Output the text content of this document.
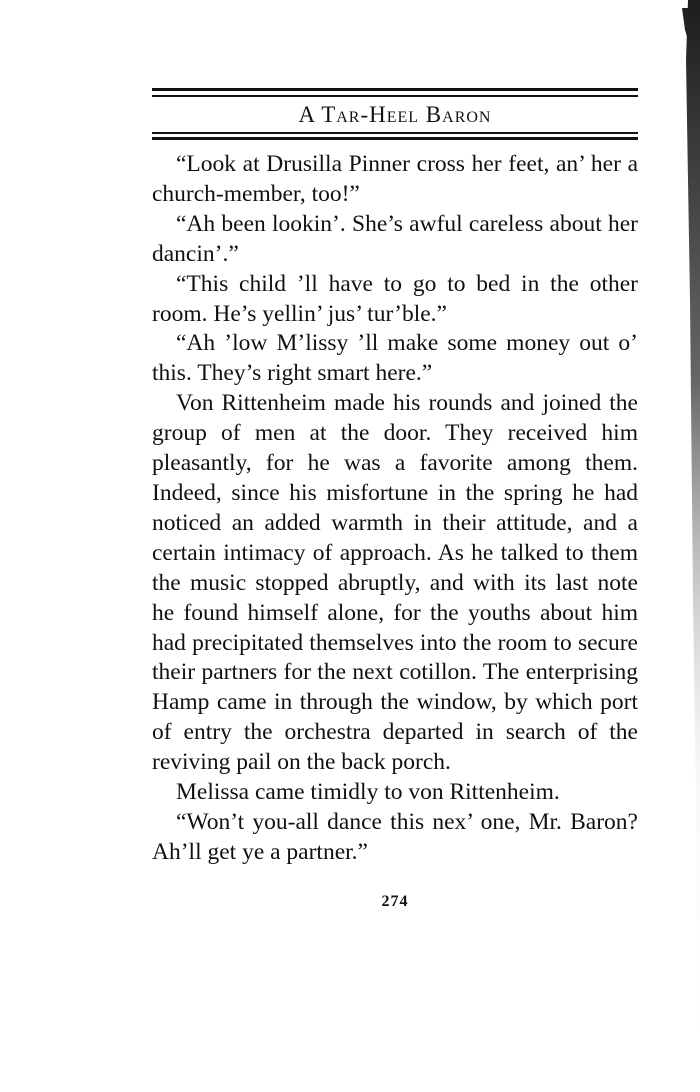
A Tar-Heel Baron

“Look at Drusilla Pinner cross her feet, an’ her a church-member, too!”

“Ah been lookin’. She’s awful careless about her dancin’.”

“This child ’ll have to go to bed in the other room. He’s yellin’ jus’ tur’ble.”

“Ah ’low M’lissy ’ll make some money out o’ this. They’s right smart here.”

Von Rittenheim made his rounds and joined the group of men at the door. They received him pleasantly, for he was a favorite among them. Indeed, since his misfortune in the spring he had noticed an added warmth in their attitude, and a certain intimacy of approach. As he talked to them the music stopped abruptly, and with its last note he found himself alone, for the youths about him had precipitated themselves into the room to secure their partners for the next cotillon. The enterprising Hamp came in through the window, by which port of entry the orchestra departed in search of the reviving pail on the back porch.

Melissa came timidly to von Rittenheim.

“Won’t you-all dance this nex’ one, Mr. Baron? Ah’ll get ye a partner.”

274
